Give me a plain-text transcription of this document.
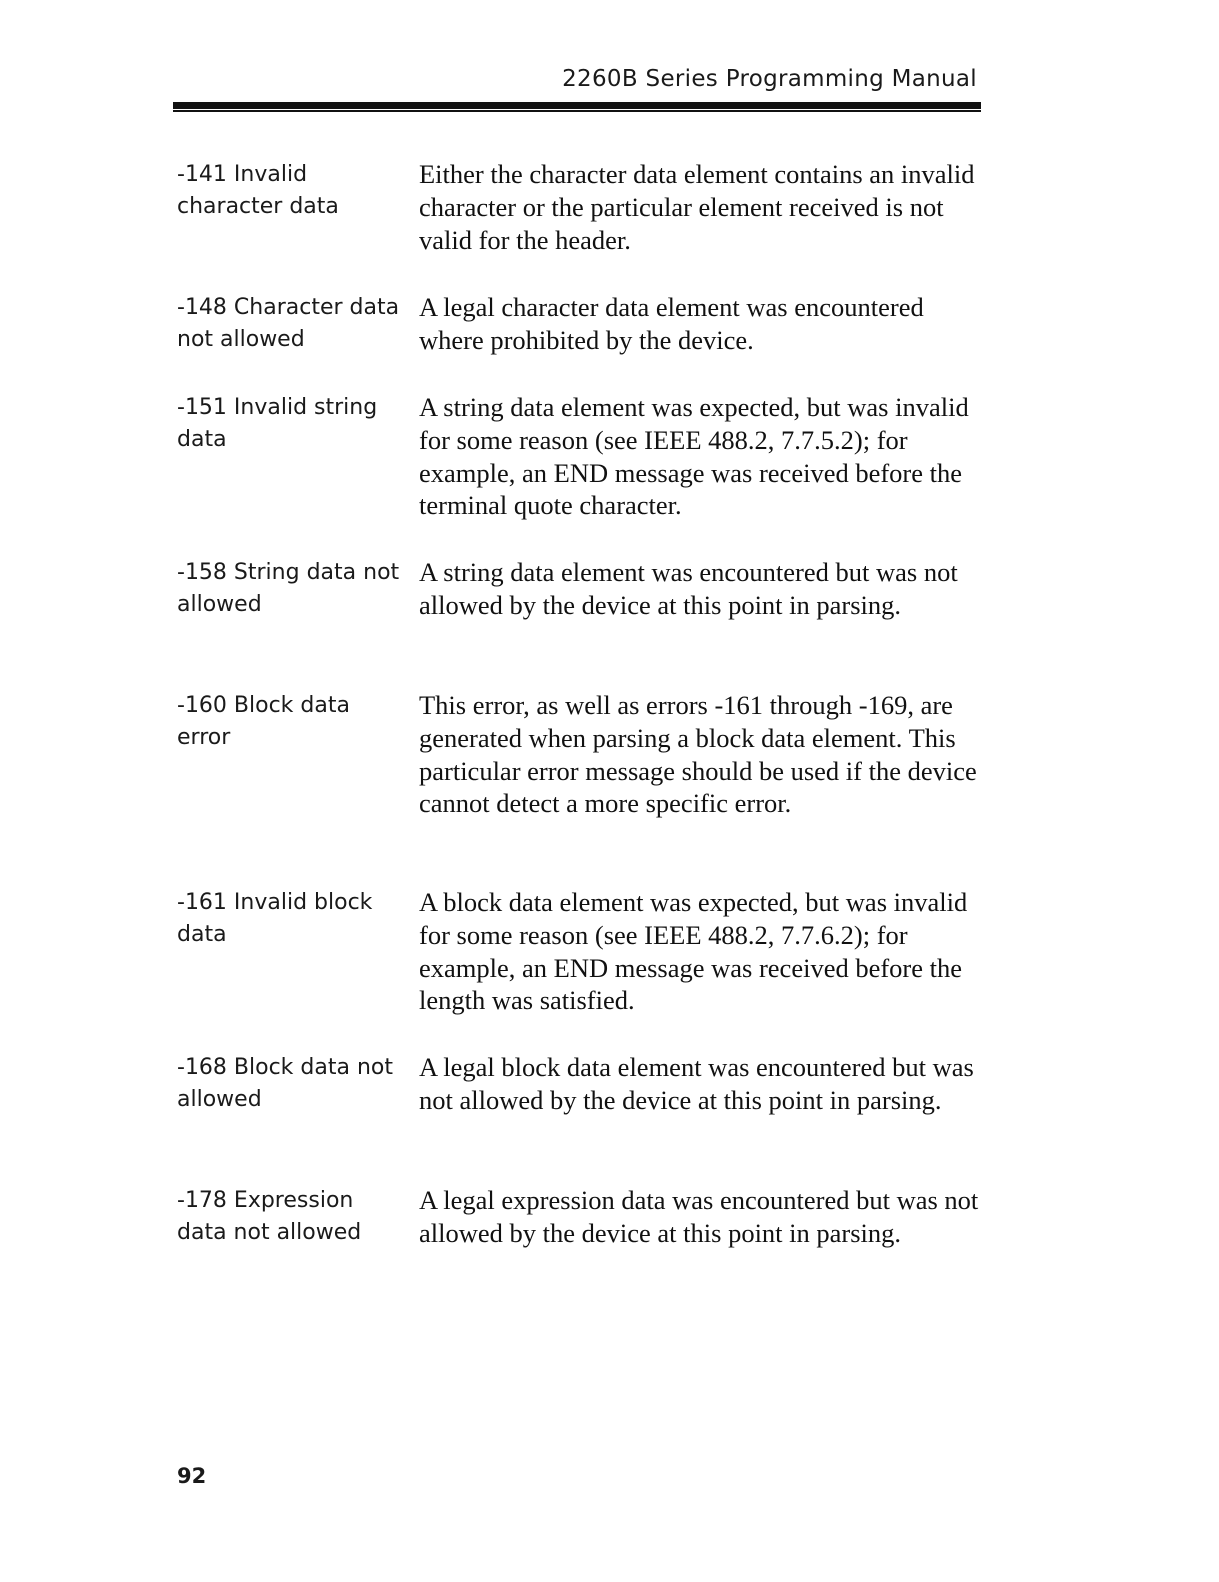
2260B Series Programming Manual
-141 Invalid character data
Either the character data element contains an invalid character or the particular element received is not valid for the header.
-148 Character data not allowed
A legal character data element was encountered where prohibited by the device.
-151 Invalid string data
A string data element was expected, but was invalid for some reason (see IEEE 488.2, 7.7.5.2); for example, an END message was received before the terminal quote character.
-158 String data not allowed
A string data element was encountered but was not allowed by the device at this point in parsing.
-160 Block data error
This error, as well as errors -161 through -169, are generated when parsing a block data element. This particular error message should be used if the device cannot detect a more specific error.
-161 Invalid block data
A block data element was expected, but was invalid for some reason (see IEEE 488.2, 7.7.6.2); for example, an END message was received before the length was satisfied.
-168 Block data not allowed
A legal block data element was encountered but was not allowed by the device at this point in parsing.
-178 Expression data not allowed
A legal expression data was encountered but was not allowed by the device at this point in parsing.
92
